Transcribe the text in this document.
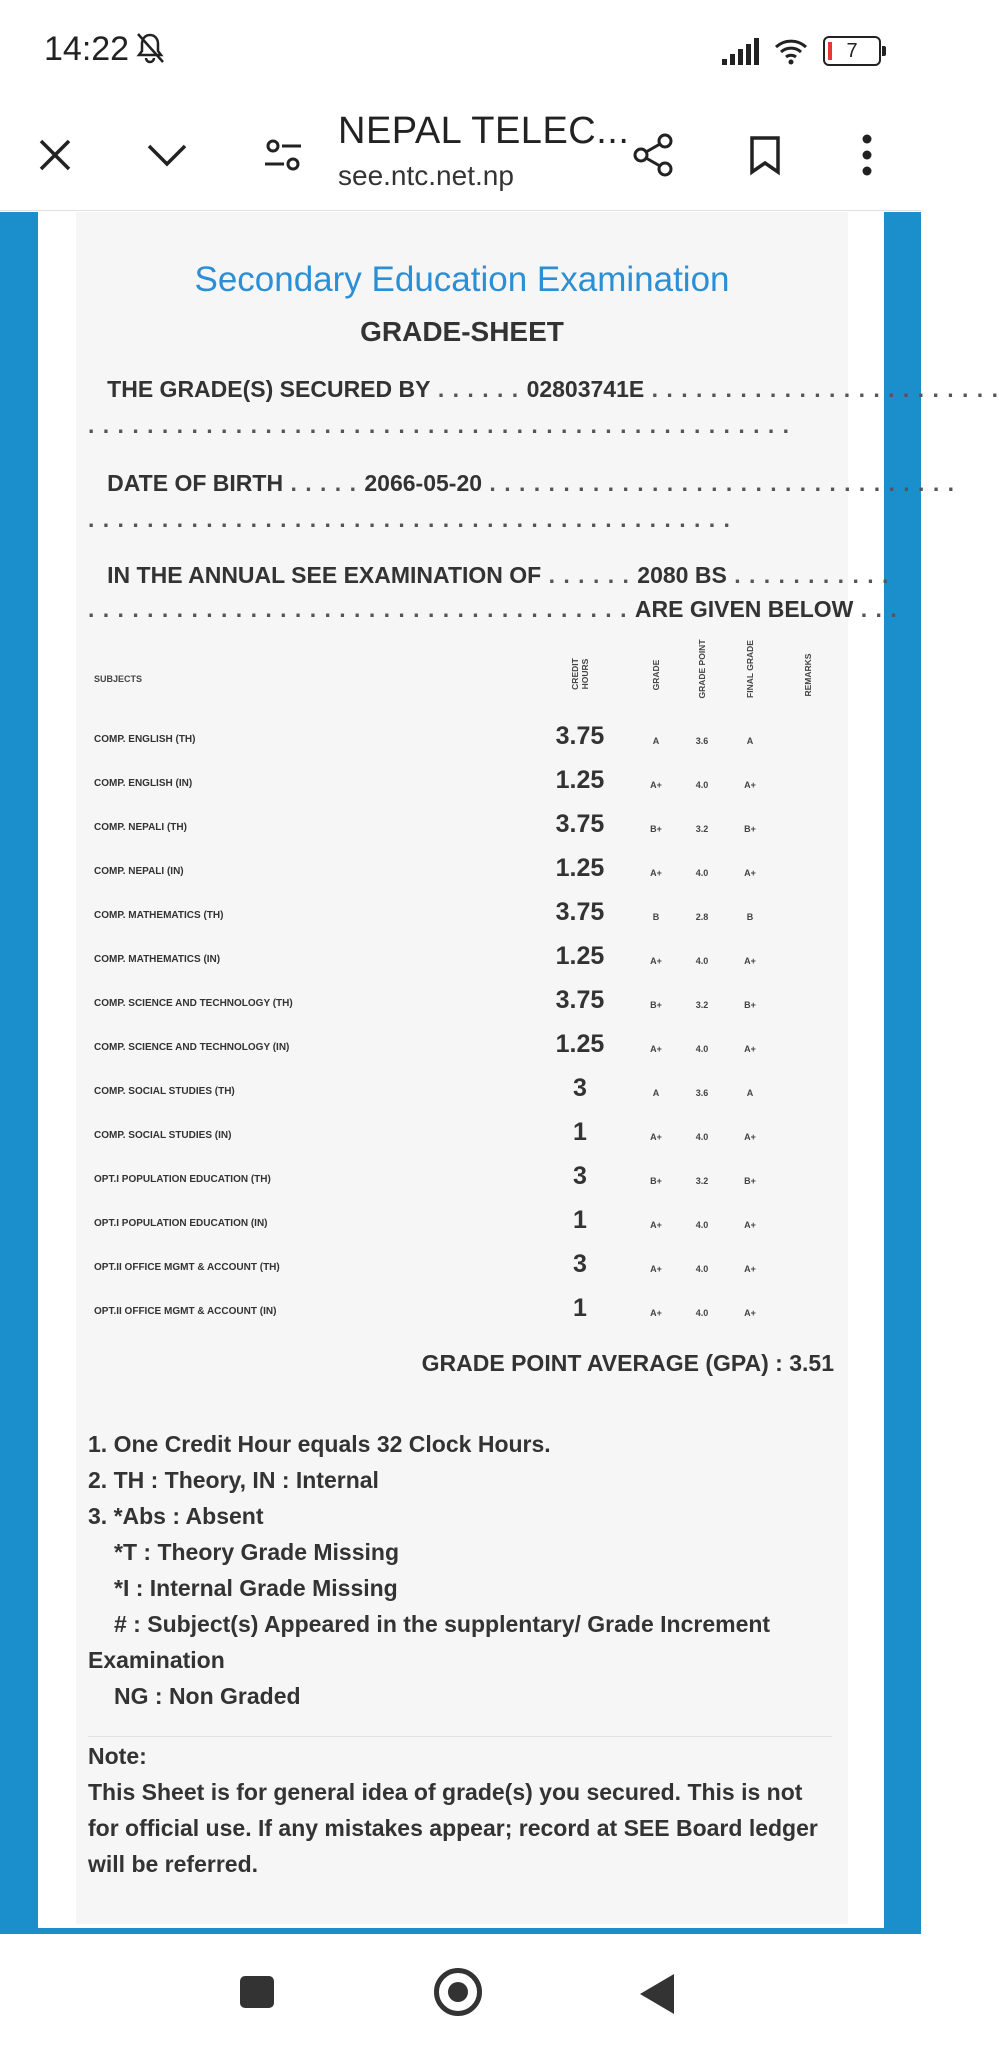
14:22	7
NEPAL TELEC...
see.ntc.net.np
Secondary Education Examination
GRADE-SHEET
THE GRADE(S) SECURED BY . . . . . . 02803741E . . . . . . . . . . . . . . . . . . . . . . . .
. . . . . . . . . . . . . . . . . . . . . . . . . . . . . . . . . . . . . . . . . . . . . . . .
DATE OF BIRTH . . . . . 2066-05-20 . . . . . . . . . . . . . . . . . . . . . . . . . . . . . . . .
. . . . . . . . . . . . . . . . . . . . . . . . . . . . . . . . . . . . . . . . . . . .
IN THE ANNUAL SEE EXAMINATION OF . . . . . . 2080 BS . . . . . . . . . . .
. . . . . . . . . . . . . . . . . . . . . . . . . . . . . . . . . . . . . ARE GIVEN BELOW . . .
SUBJECTS	CREDIT HOURS	GRADE	GRADE POINT	FINAL GRADE	REMARKS
COMP. ENGLISH (TH)	3.75	A	3.6	A
COMP. ENGLISH (IN)	1.25	A+	4.0	A+
COMP. NEPALI (TH)	3.75	B+	3.2	B+
COMP. NEPALI (IN)	1.25	A+	4.0	A+
COMP. MATHEMATICS (TH)	3.75	B	2.8	B
COMP. MATHEMATICS (IN)	1.25	A+	4.0	A+
COMP. SCIENCE AND TECHNOLOGY (TH)	3.75	B+	3.2	B+
COMP. SCIENCE AND TECHNOLOGY (IN)	1.25	A+	4.0	A+
COMP. SOCIAL STUDIES (TH)	3	A	3.6	A
COMP. SOCIAL STUDIES (IN)	1	A+	4.0	A+
OPT.I POPULATION EDUCATION (TH)	3	B+	3.2	B+
OPT.I POPULATION EDUCATION (IN)	1	A+	4.0	A+
OPT.II OFFICE MGMT & ACCOUNT (TH)	3	A+	4.0	A+
OPT.II OFFICE MGMT & ACCOUNT (IN)	1	A+	4.0	A+
GRADE POINT AVERAGE (GPA) : 3.51
1. One Credit Hour equals 32 Clock Hours.
2. TH : Theory, IN : Internal
3. *Abs : Absent
*T : Theory Grade Missing
*I : Internal Grade Missing
# : Subject(s) Appeared in the supplentary/ Grade Increment
Examination
NG : Non Graded
Note:
This Sheet is for general idea of grade(s) you secured. This is not for official use. If any mistakes appear; record at SEE Board ledger will be referred.
